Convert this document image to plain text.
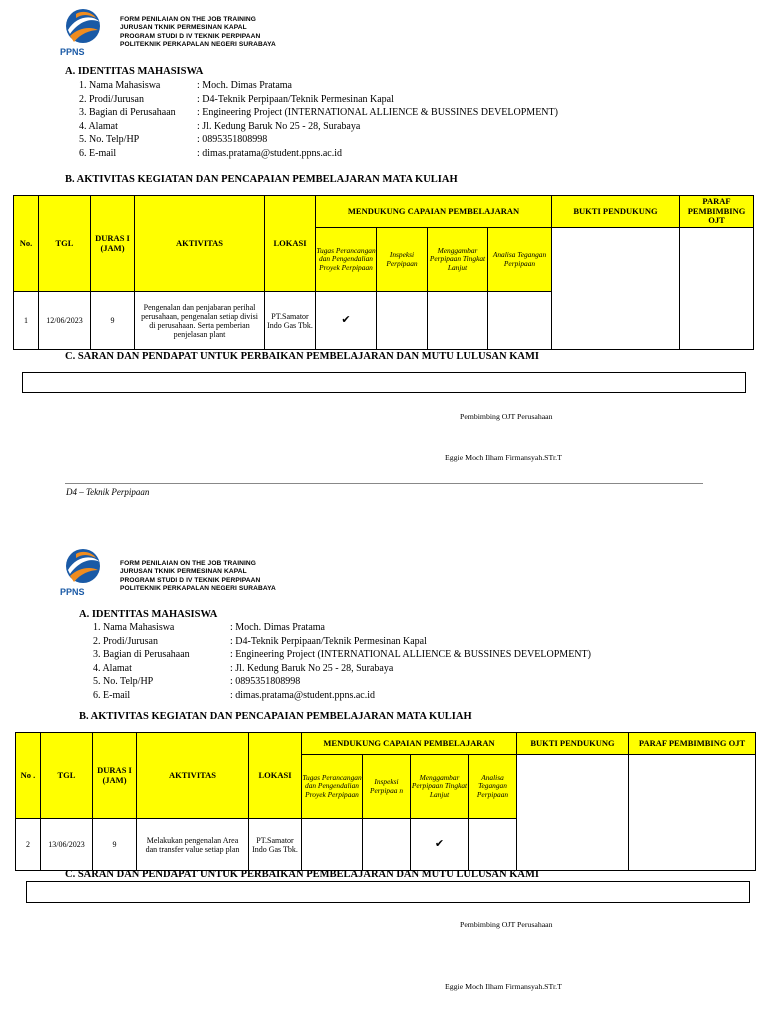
PPNS
FORM PENILAIAN ON THE JOB TRAINING
JURUSAN TKNIK PERMESINAN KAPAL
PROGRAM STUDI D IV TEKNIK PERPIPAAN
POLITEKNIK PERKAPALAN NEGERI SURABAYA
A. IDENTITAS MAHASISWA
1. Nama Mahasiswa	: Moch. Dimas Pratama
2. Prodi/Jurusan	: D4-Teknik Perpipaan/Teknik Permesinan Kapal
3. Bagian di Perusahaan : Engineering Project (INTERNATIONAL ALLIENCE & BUSSINES DEVELOPMENT)
4. Alamat	: Jl. Kedung Baruk No 25 - 28, Surabaya
5. No. Telp/HP	: 0895351808998
6. E-mail	: dimas.pratama@student.ppns.ac.id
B. AKTIVITAS KEGIATAN DAN PENCAPAIAN PEMBELAJARAN MATA KULIAH
No.	TGL	DURAS I (JAM)	AKTIVITAS	LOKASI	MENDUKUNG CAPAIAN PEMBELAJARAN				BUKTI PENDUKUNG	PARAF PEMBIMBING OJT
					Tugas Perancangan dan Pengendalian Proyek Perpipaan	Inspeksi Perpipaan	Menggambar Perpipaan Tingkat Lanjut	Analisa Tegangan Perpipaan		
1	12/06/2023	9	Pengenalan dan penjabaran perihal perusahaan, pengenalan setiap divisi di perusahaan. Serta pemberian penjelasan plant	PT.Samator Indo Gas Tbk.	✔					
C. SARAN DAN PENDAPAT UNTUK PERBAIKAN PEMBELAJARAN DAN MUTU LULUSAN KAMI
Pembimbing OJT Perusahaan
Eggie Moch Ilham Firmansyah.STr.T
D4 – Teknik Perpipaan
PPNS
FORM PENILAIAN ON THE JOB TRAINING
JURUSAN TKNIK PERMESINAN KAPAL
PROGRAM STUDI D IV TEKNIK PERPIPAAN
POLITEKNIK PERKAPALAN NEGERI SURABAYA
A. IDENTITAS MAHASISWA
1. Nama Mahasiswa	: Moch. Dimas Pratama
2. Prodi/Jurusan	: D4-Teknik Perpipaan/Teknik Permesinan Kapal
3. Bagian di Perusahaan	: Engineering Project (INTERNATIONAL ALLIENCE & BUSSINES DEVELOPMENT)
4. Alamat	: Jl. Kedung Baruk No 25 - 28, Surabaya
5. No. Telp/HP	: 0895351808998
6. E-mail	: dimas.pratama@student.ppns.ac.id
B. AKTIVITAS KEGIATAN DAN PENCAPAIAN PEMBELAJARAN MATA KULIAH
No .	TGL	DURAS I (JAM)	AKTIVITAS	LOKASI	MENDUKUNG CAPAIAN PEMBELAJARAN				BUKTI PENDUKUNG	PARAF PEMBIMBING OJT
					Tugas Perancangan dan Pengendalian Proyek Perpipaan	Inspeksi Perpipaa n	Menggambar Perpipaan Tingkat Lanjut	Analisa Tegangan Perpipaan		
2	13/06/2023	9	Melakukan pengenalan Area dan transfer value setiap plan	PT.Samator Indo Gas Tbk.			✔			
C. SARAN DAN PENDAPAT UNTUK PERBAIKAN PEMBELAJARAN DAN MUTU LULUSAN KAMI
Pembimbing OJT Perusahaan
Eggie Moch Ilham Firmansyah.STr.T
